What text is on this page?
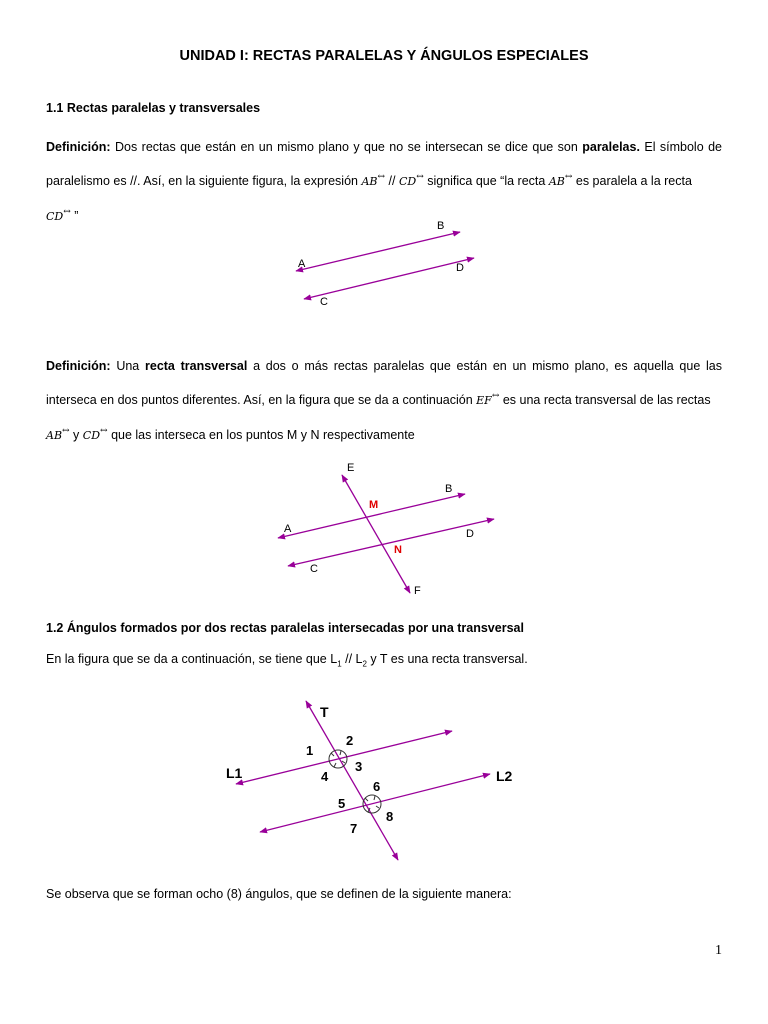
UNIDAD I: RECTAS PARALELAS Y ÁNGULOS ESPECIALES
1.1 Rectas paralelas y transversales
Definición: Dos rectas que están en un mismo plano y que no se intersecan se dice que son paralelas. El símbolo de
paralelismo es //. Así, en la siguiente figura, la expresión AB↔ // CD↔ significa que “la recta AB↔ es paralela a la recta
CD↔ ”
A
B
C
D
Definición: Una recta transversal a dos o más rectas paralelas que están en un mismo plano, es aquella que las
interseca en dos puntos diferentes. Así, en la figura que se da a continuación EF↔ es una recta transversal de las rectas
AB↔ y CD↔ que las interseca en los puntos M y N respectivamente
E
B
M
A	D
N
C
F
1.2 Ángulos formados por dos rectas paralelas intersecadas por una transversal
En la figura que se da a continuación, se tiene que $L_1 // L_2$ y T es una recta transversal.
T
L1	L2
1
2
3
4
5
6
7
8
Se observa que se forman ocho (8) ángulos, que se definen de la siguiente manera:
1
